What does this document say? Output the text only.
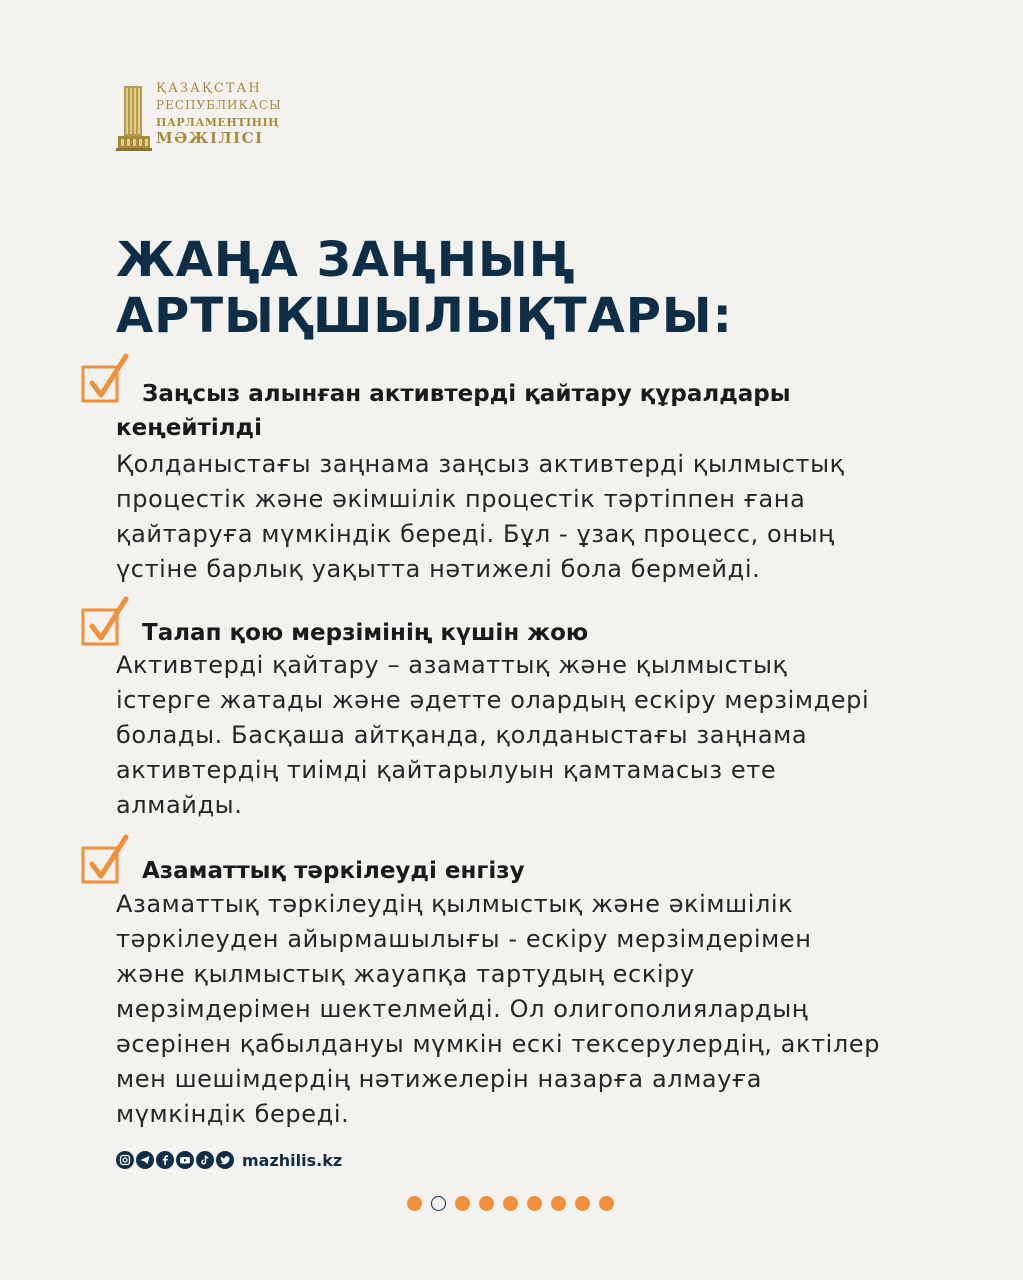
ҚАЗАҚСТАН
РЕСПУБЛИКАСЫ
ПАРЛАМЕНТІНІҢ
МӘЖІЛІСІ
ЖАҢА ЗАҢНЫҢ
АРТЫҚШЫЛЫҚТАРЫ:
Заңсыз алынған активтерді қайтару құралдары
кеңейтілді

Қолданыстағы заңнама заңсыз активтерді қылмыстық
процестік және әкімшілік процестік тәртіппен ғана
қайтаруға мүмкіндік береді. Бұл - ұзақ процесс, оның
үстіне барлық уақытта нәтижелі бола бермейді.

Талап қою мерзімінің күшін жою

Активтерді қайтару – азаматтық және қылмыстық
істерге жатады және әдетте олардың ескіру мерзімдері
болады. Басқаша айтқанда, қолданыстағы заңнама
активтердің тиімді қайтарылуын қамтамасыз ете
алмайды.

Азаматтық тәркілеуді енгізу

Азаматтық тәркілеудің қылмыстық және әкімшілік
тәркілеуден айырмашылығы - ескіру мерзімдерімен
және қылмыстық жауапқа тартудың ескіру
мерзімдерімен шектелмейді. Ол олигополиялардың
әсерінен қабылдануы мүмкін ескі тексерулердің, актілер
мен шешімдердің нәтижелерін назарға алмауға
мүмкіндік береді.

mazhilis.kz
